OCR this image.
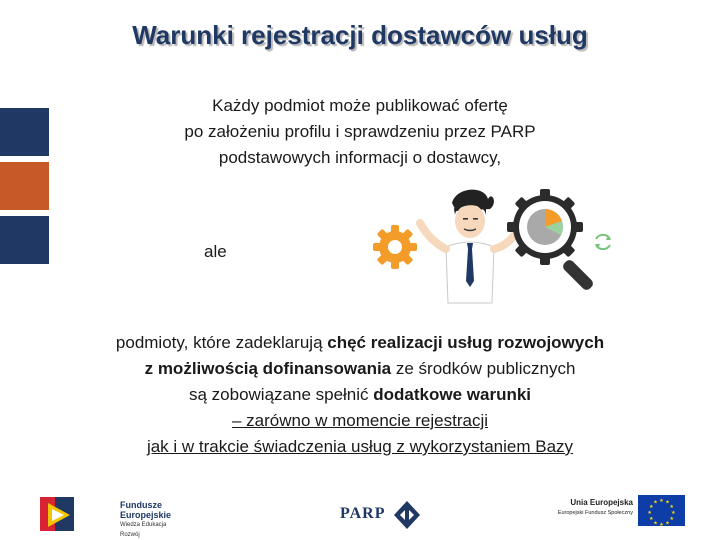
Warunki rejestracji dostawców usług
Każdy podmiot może publikować ofertę
po założeniu profilu i sprawdzeniu przez PARP
podstawowych informacji o dostawcy,
ale
podmioty, które zadeklarują chęć realizacji usług rozwojowych
z możliwością dofinansowania ze środków publicznych
są zobowiązane spełnić dodatkowe warunki
– zarówno w momencie rejestracji
jak i w trakcie świadczenia usług z wykorzystaniem Bazy
Fundusze
Europejskie
Wiedza Edukacja Rozwój
PARP
Unia Europejska
Europejski Fundusz Społeczny
★ ★
★
★
★
★
★
★
★
★
★
★
